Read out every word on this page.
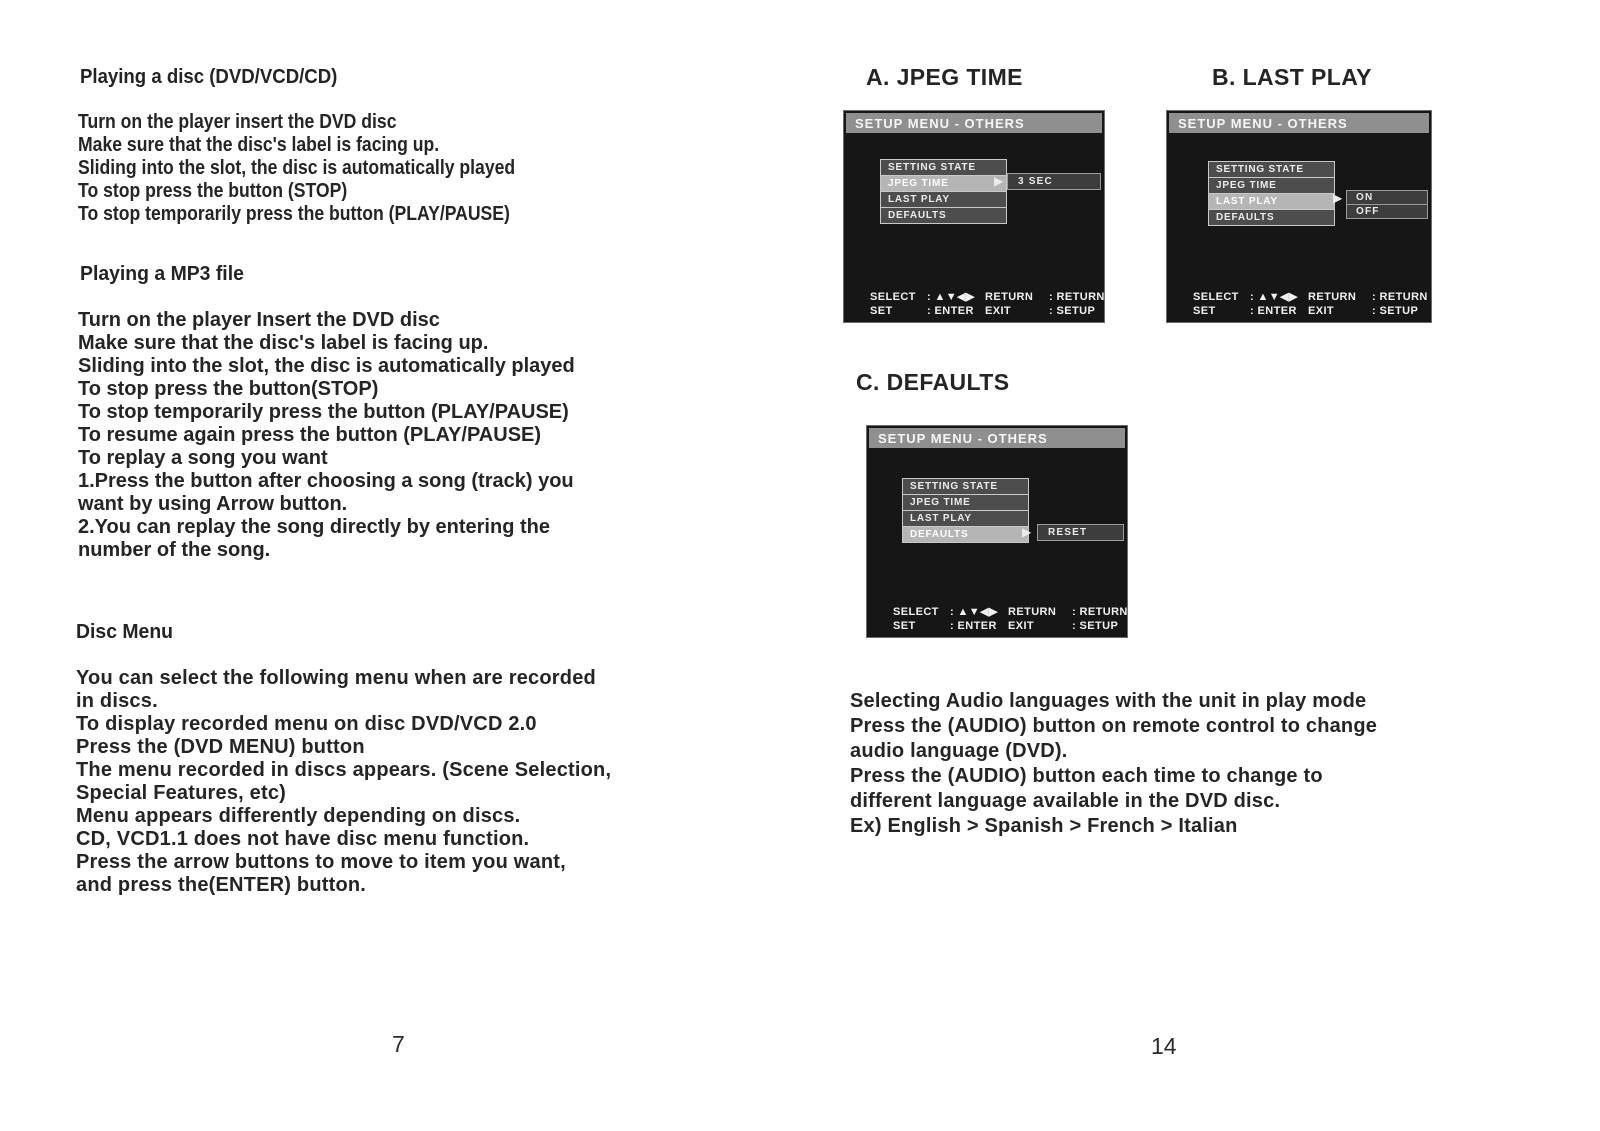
Playing a disc (DVD/VCD/CD)
Turn on the player insert the DVD disc
Make sure that the disc's label is facing up.
Sliding into the slot, the disc is automatically played
To stop press the button (STOP)
To stop temporarily press the button (PLAY/PAUSE)
Playing a MP3 file
Turn on the player Insert the DVD disc
Make sure that the disc's label is facing up.
Sliding into the slot, the disc is automatically played
To stop press the button(STOP)
To stop temporarily press the button (PLAY/PAUSE)
To resume again press the button (PLAY/PAUSE)
To replay a song you want
1.Press the button after choosing a song (track) you
want by using Arrow button.
2.You can replay the song directly by entering the
number of the song.
Disc Menu
You can select the following menu when are recorded
in discs.
To display recorded menu on disc DVD/VCD 2.0
Press the (DVD MENU) button
The menu recorded in discs appears. (Scene Selection,
Special Features, etc)
Menu appears differently depending on discs.
CD, VCD1.1 does not have disc menu function.
Press the arrow buttons to move to item you want,
and press the(ENTER) button.
7
A. JPEG TIME	B. LAST PLAY
SETUP MENU - OTHERS
SETTING STATE
JPEG TIME
LAST PLAY
DEFAULTS
▶	3 SEC
SELECT	: ▲▼◀▶ RETURN	: RETURN
SET	: ENTER	EXIT	: SETUP
SETUP MENU - OTHERS
SETTING STATE
JPEG TIME
LAST PLAY
DEFAULTS
▶	ON
OFF
SELECT	: ▲▼◀▶ RETURN	: RETURN
SET	: ENTER	EXIT	: SETUP
C. DEFAULTS
SETUP MENU - OTHERS
SETTING STATE
JPEG TIME
LAST PLAY
DEFAULTS	▶	RESET
SELECT	: ▲▼◀▶ RETURN	: RETURN
SET	: ENTER	EXIT	: SETUP
Selecting Audio languages with the unit in play mode
Press the (AUDIO) button on remote control to change
audio language (DVD).
Press the (AUDIO) button each time to change to
different language available in the DVD disc.
Ex) English > Spanish > French > Italian
14
